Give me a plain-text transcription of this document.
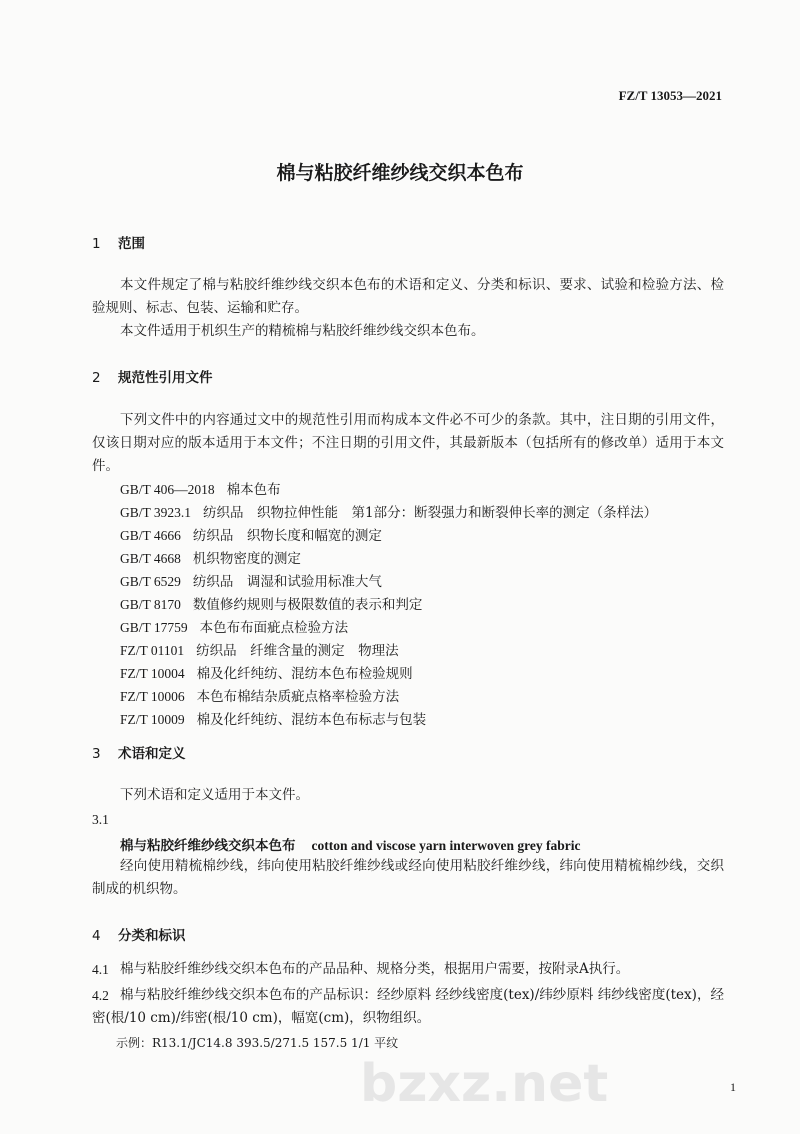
bzxz.net
FZ/T 13053—2021
棉与粘胶纤维纱线交织本色布
1 范围
本文件规定了棉与粘胶纤维纱线交织本色布的术语和定义、分类和标识、要求、试验和检验方法、检验规则、标志、包装、运输和贮存。
本文件适用于机织生产的精梳棉与粘胶纤维纱线交织本色布。
2 规范性引用文件
下列文件中的内容通过文中的规范性引用而构成本文件必不可少的条款。其中，注日期的引用文件，仅该日期对应的版本适用于本文件；不注日期的引用文件，其最新版本（包括所有的修改单）适用于本文件。
GB/T 406—2018 棉本色布
GB/T 3923.1 纺织品　织物拉伸性能　第1部分：断裂强力和断裂伸长率的测定（条样法）
GB/T 4666 纺织品　织物长度和幅宽的测定
GB/T 4668 机织物密度的测定
GB/T 6529 纺织品　调湿和试验用标准大气
GB/T 8170 数值修约规则与极限数值的表示和判定
GB/T 17759 本色布布面疵点检验方法
FZ/T 01101 纺织品　纤维含量的测定　物理法
FZ/T 10004 棉及化纤纯纺、混纺本色布检验规则
FZ/T 10006 本色布棉结杂质疵点格率检验方法
FZ/T 10009 棉及化纤纯纺、混纺本色布标志与包装
3 术语和定义
下列术语和定义适用于本文件。
3.1
棉与粘胶纤维纱线交织本色布 cotton and viscose yarn interwoven grey fabric
经向使用精梳棉纱线，纬向使用粘胶纤维纱线或经向使用粘胶纤维纱线，纬向使用精梳棉纱线，交织制成的机织物。
4 分类和标识
4.1 棉与粘胶纤维纱线交织本色布的产品品种、规格分类，根据用户需要，按附录A执行。
4.2 棉与粘胶纤维纱线交织本色布的产品标识：经纱原料 经纱线密度(tex)/纬纱原料 纬纱线密度(tex)，经密(根/10 cm)/纬密(根/10 cm)，幅宽(cm)，织物组织。
示例：R13.1/JC14.8 393.5/271.5 157.5 1/1 平纹
1
